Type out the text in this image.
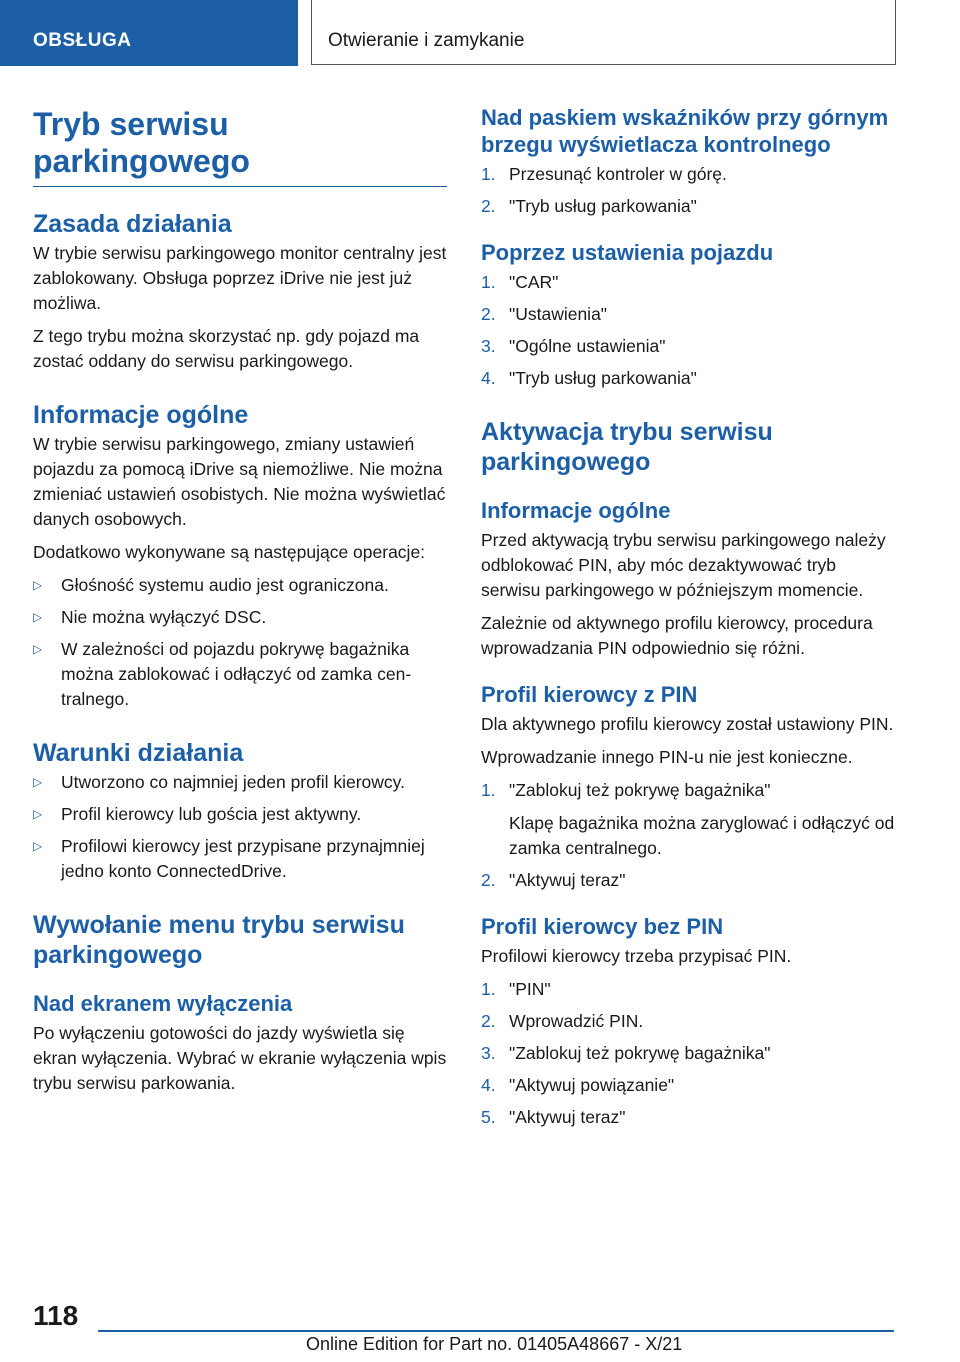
OBSŁUGA	Otwieranie i zamykanie
Tryb serwisu parkingowego
Zasada działania

W trybie serwisu parkingowego monitor centralny jest zablokowany. Obsługa poprzez iDrive nie jest już możliwa.

Z tego trybu można skorzystać np. gdy pojazd ma zostać oddany do serwisu parkingowego.

Informacje ogólne

W trybie serwisu parkingowego, zmiany ustawień pojazdu za pomocą iDrive są niemożliwe. Nie można zmieniać ustawień osobistych. Nie można wyświetlać danych osobowych.

Dodatkowo wykonywane są następujące operacje:

▷ Głośność systemu audio jest ograniczona.
▷ Nie można wyłączyć DSC.
▷ W zależności od pojazdu pokrywę bagażnika można zablokować i odłączyć od zamka centralnego.
Warunki działania
▷ Utworzono co najmniej jeden profil kierowcy.
▷ Profil kierowcy lub gościa jest aktywny.
▷ Profilowi kierowcy jest przypisane przynajmniej jedno konto ConnectedDrive.
Wywołanie menu trybu serwisu parkingowego
Nad ekranem wyłączenia

Po wyłączeniu gotowości do jazdy wyświetla się ekran wyłączenia. Wybrać w ekranie wyłączenia wpis trybu serwisu parkowania.

Nad paskiem wskaźników przy górnym brzegu wyświetlacza kontrolnego
1. Przesunąć kontroler w górę.
2. "Tryb usług parkowania"
Poprzez ustawienia pojazdu
1. "CAR"
2. "Ustawienia"
3. "Ogólne ustawienia"
4. "Tryb usług parkowania"
Aktywacja trybu serwisu parkingowego
Informacje ogólne

Przed aktywacją trybu serwisu parkingowego należy odblokować PIN, aby móc dezaktywować tryb serwisu parkingowego w późniejszym momencie.

Zależnie od aktywnego profilu kierowcy, procedura wprowadzania PIN odpowiednio się różni.

Profil kierowcy z PIN

Dla aktywnego profilu kierowcy został ustawiony PIN.

Wprowadzanie innego PIN-u nie jest konieczne.

1. "Zablokuj też pokrywę bagażnika"
Klapę bagażnika można zaryglować i odłączyć od zamka centralnego.
2. "Aktywuj teraz"
Profil kierowcy bez PIN

Profilowi kierowcy trzeba przypisać PIN.

1. "PIN"
2. Wprowadzić PIN.
3. "Zablokuj też pokrywę bagażnika"
4. "Aktywuj powiązanie"
5. "Aktywuj teraz"
118
Online Edition for Part no. 01405A48667 - X/21
